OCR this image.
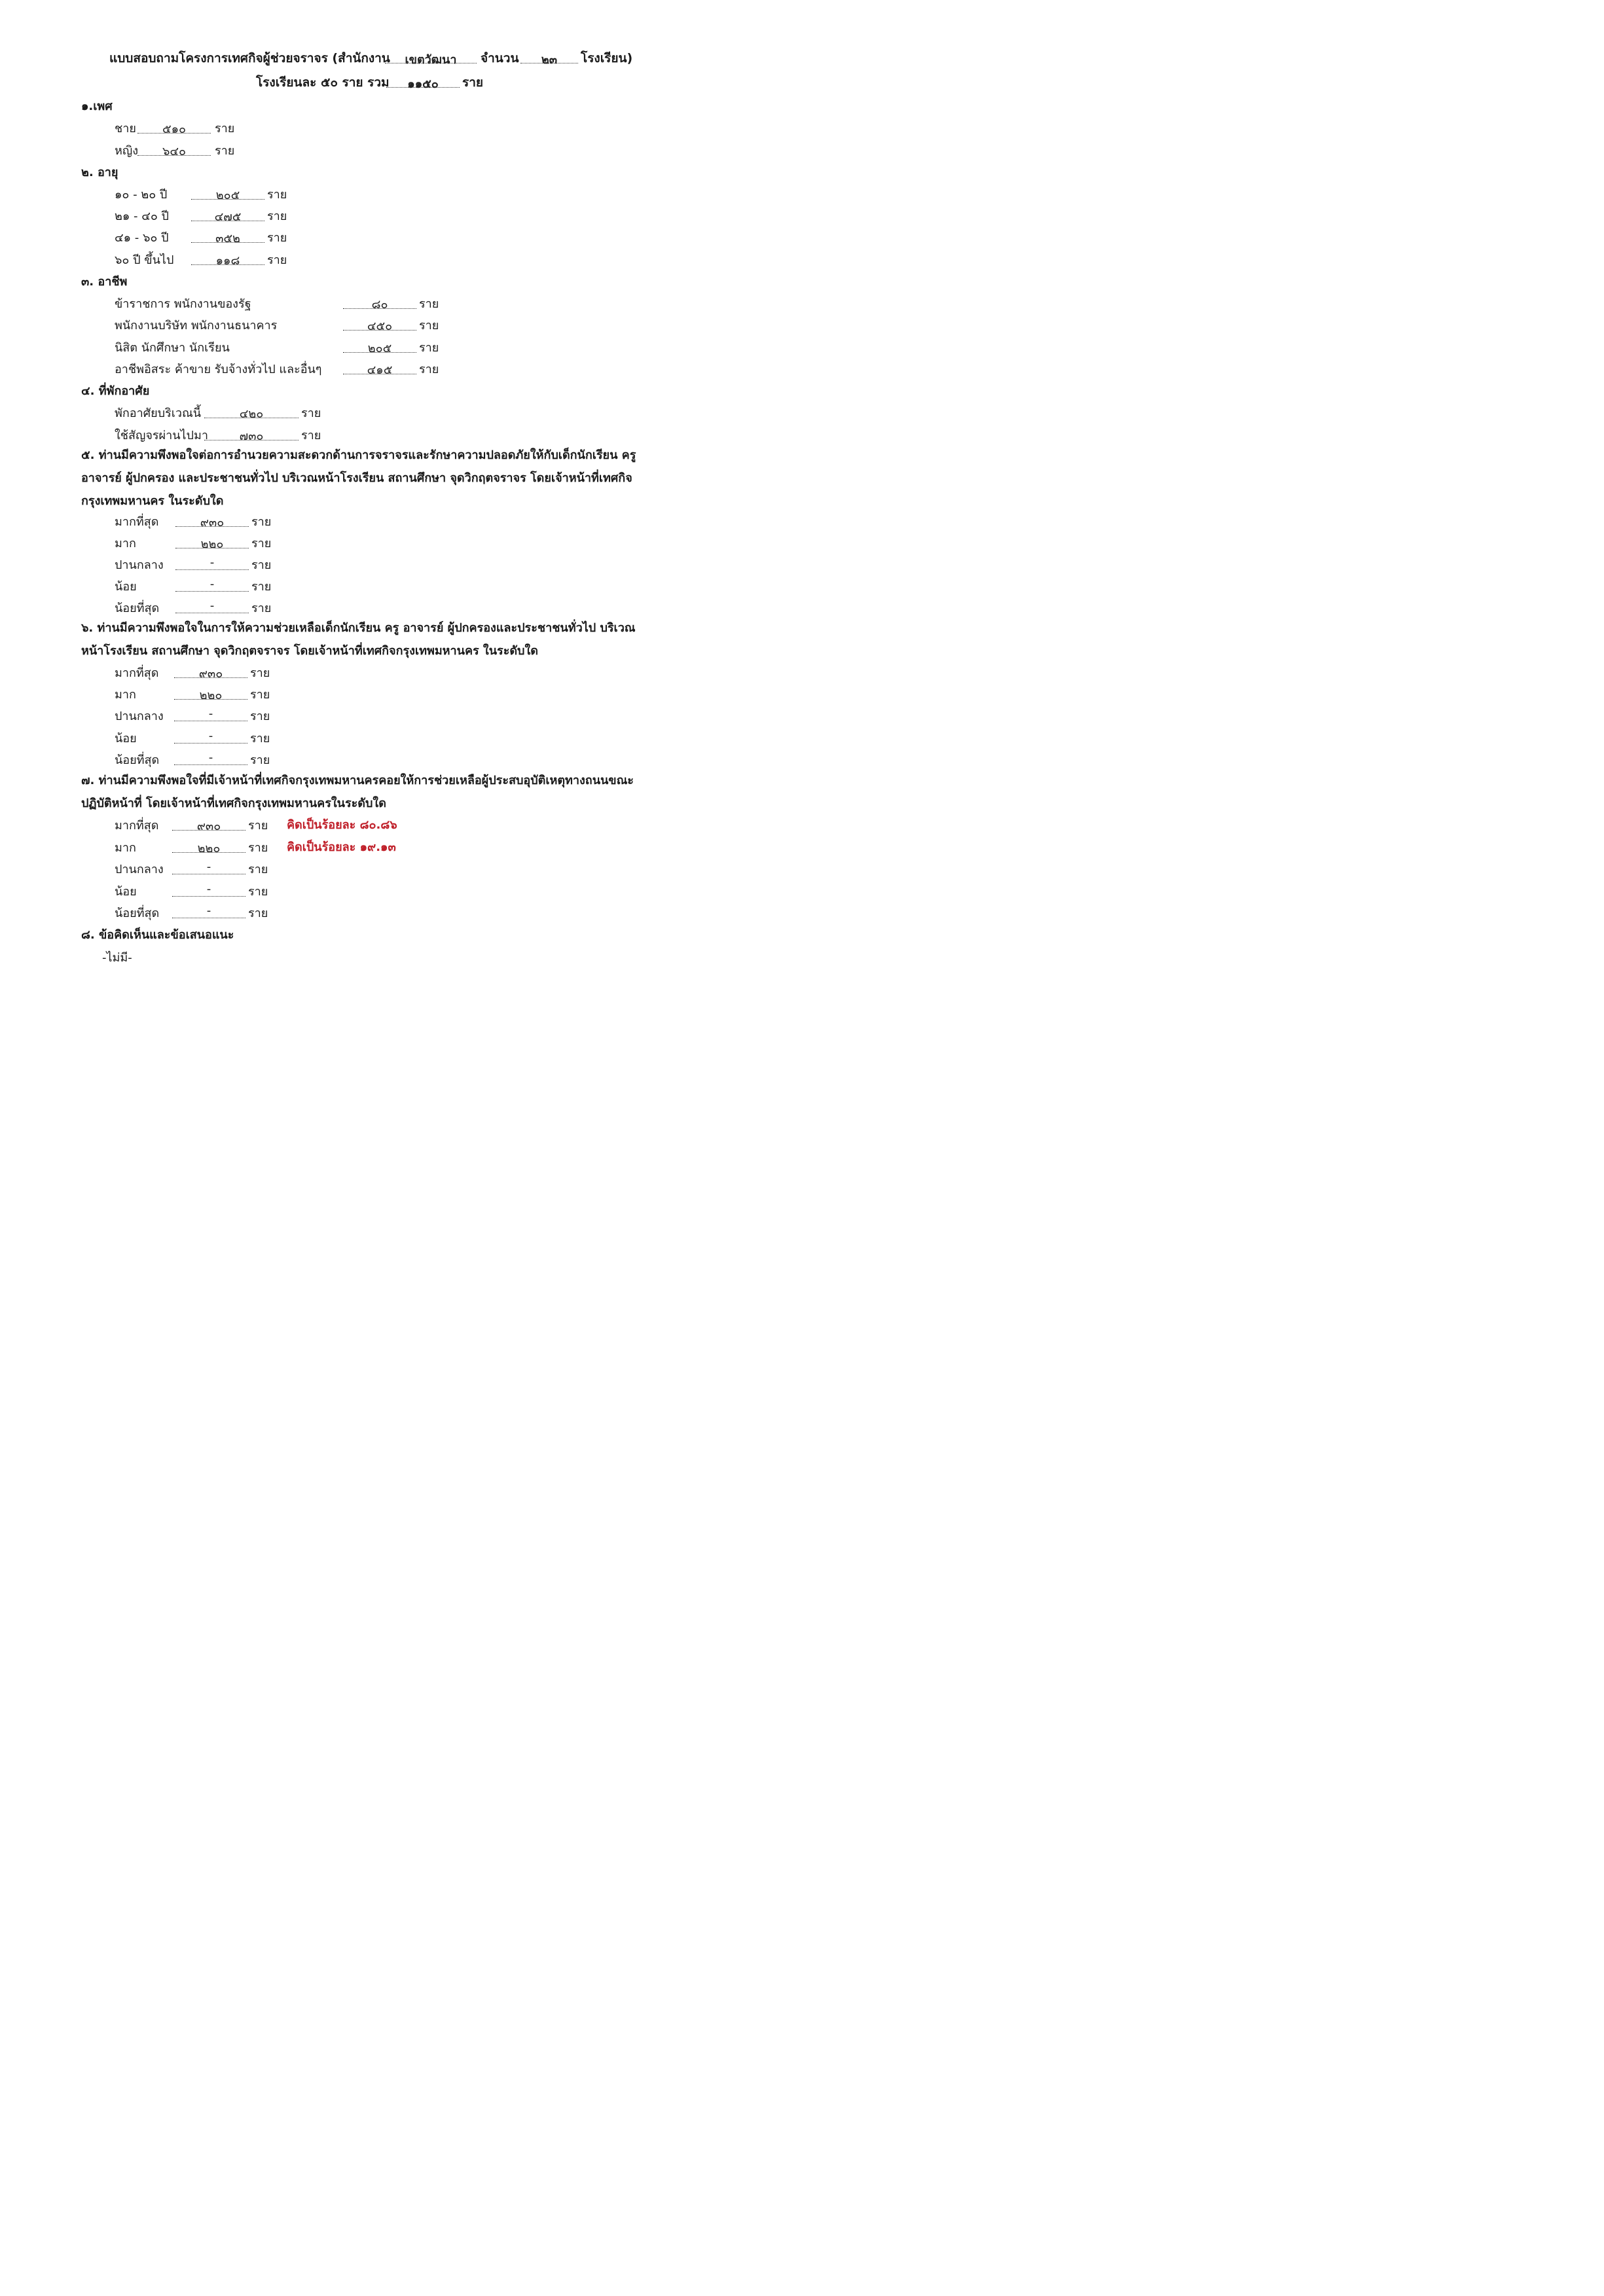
แบบสอบถามโครงการเทศกิจผู้ช่วยจราจร (สำนักงาน	เขตวัฒนา	จำนวน	๒๓	โรงเรียน)
โรงเรียนละ ๕๐ ราย รวม	๑๑๕๐	ราย
๑.เพศ
ชาย	๕๑๐	ราย
หญิง	๖๔๐	ราย
๒. อายุ
๑๐ - ๒๐ ปี	๒๐๕	ราย
๒๑ - ๔๐ ปี	๔๗๕	ราย
๔๑ - ๖๐ ปี	๓๕๒	ราย
๖๐ ปี ขึ้นไป	๑๑๘	ราย
๓. อาชีพ
ข้าราชการ พนักงานของรัฐ	๘๐	ราย
พนักงานบริษัท พนักงานธนาคาร	๔๕๐	ราย
นิสิต นักศึกษา นักเรียน	๒๐๕	ราย
อาชีพอิสระ ค้าขาย รับจ้างทั่วไป และอื่นๆ	๔๑๕	ราย
๔. ที่พักอาศัย
พักอาศัยบริเวณนี้	๔๒๐	ราย
ใช้สัญจรผ่านไปมา	๗๓๐	ราย
๕. ท่านมีความพึงพอใจต่อการอำนวยความสะดวกด้านการจราจรและรักษาความปลอดภัยให้กับเด็กนักเรียน ครู
อาจารย์ ผู้ปกครอง และประชาชนทั่วไป บริเวณหน้าโรงเรียน สถานศึกษา จุดวิกฤตจราจร โดยเจ้าหน้าที่เทศกิจ
กรุงเทพมหานคร ในระดับใด
มากที่สุด	๙๓๐	ราย
มาก	๒๒๐	ราย
ปานกลาง	-	ราย
น้อย	-	ราย
น้อยที่สุด	-	ราย
๖. ท่านมีความพึงพอใจในการให้ความช่วยเหลือเด็กนักเรียน ครู อาจารย์ ผู้ปกครองและประชาชนทั่วไป บริเวณ
หน้าโรงเรียน สถานศึกษา จุดวิกฤตจราจร โดยเจ้าหน้าที่เทศกิจกรุงเทพมหานคร ในระดับใด
มากที่สุด	๙๓๐	ราย
มาก	๒๒๐	ราย
ปานกลาง	-	ราย
น้อย	-	ราย
น้อยที่สุด	-	ราย
๗. ท่านมีความพึงพอใจที่มีเจ้าหน้าที่เทศกิจกรุงเทพมหานครคอยให้การช่วยเหลือผู้ประสบอุบัติเหตุทางถนนขณะ
ปฏิบัติหน้าที่ โดยเจ้าหน้าที่เทศกิจกรุงเทพมหานครในระดับใด
มากที่สุด	๙๓๐	ราย คิดเป็นร้อยละ ๘๐.๘๖
มาก	๒๒๐	ราย คิดเป็นร้อยละ ๑๙.๑๓
ปานกลาง	-	ราย
น้อย	-	ราย
น้อยที่สุด	-	ราย
๘. ข้อคิดเห็นและข้อเสนอแนะ
-ไม่มี-
